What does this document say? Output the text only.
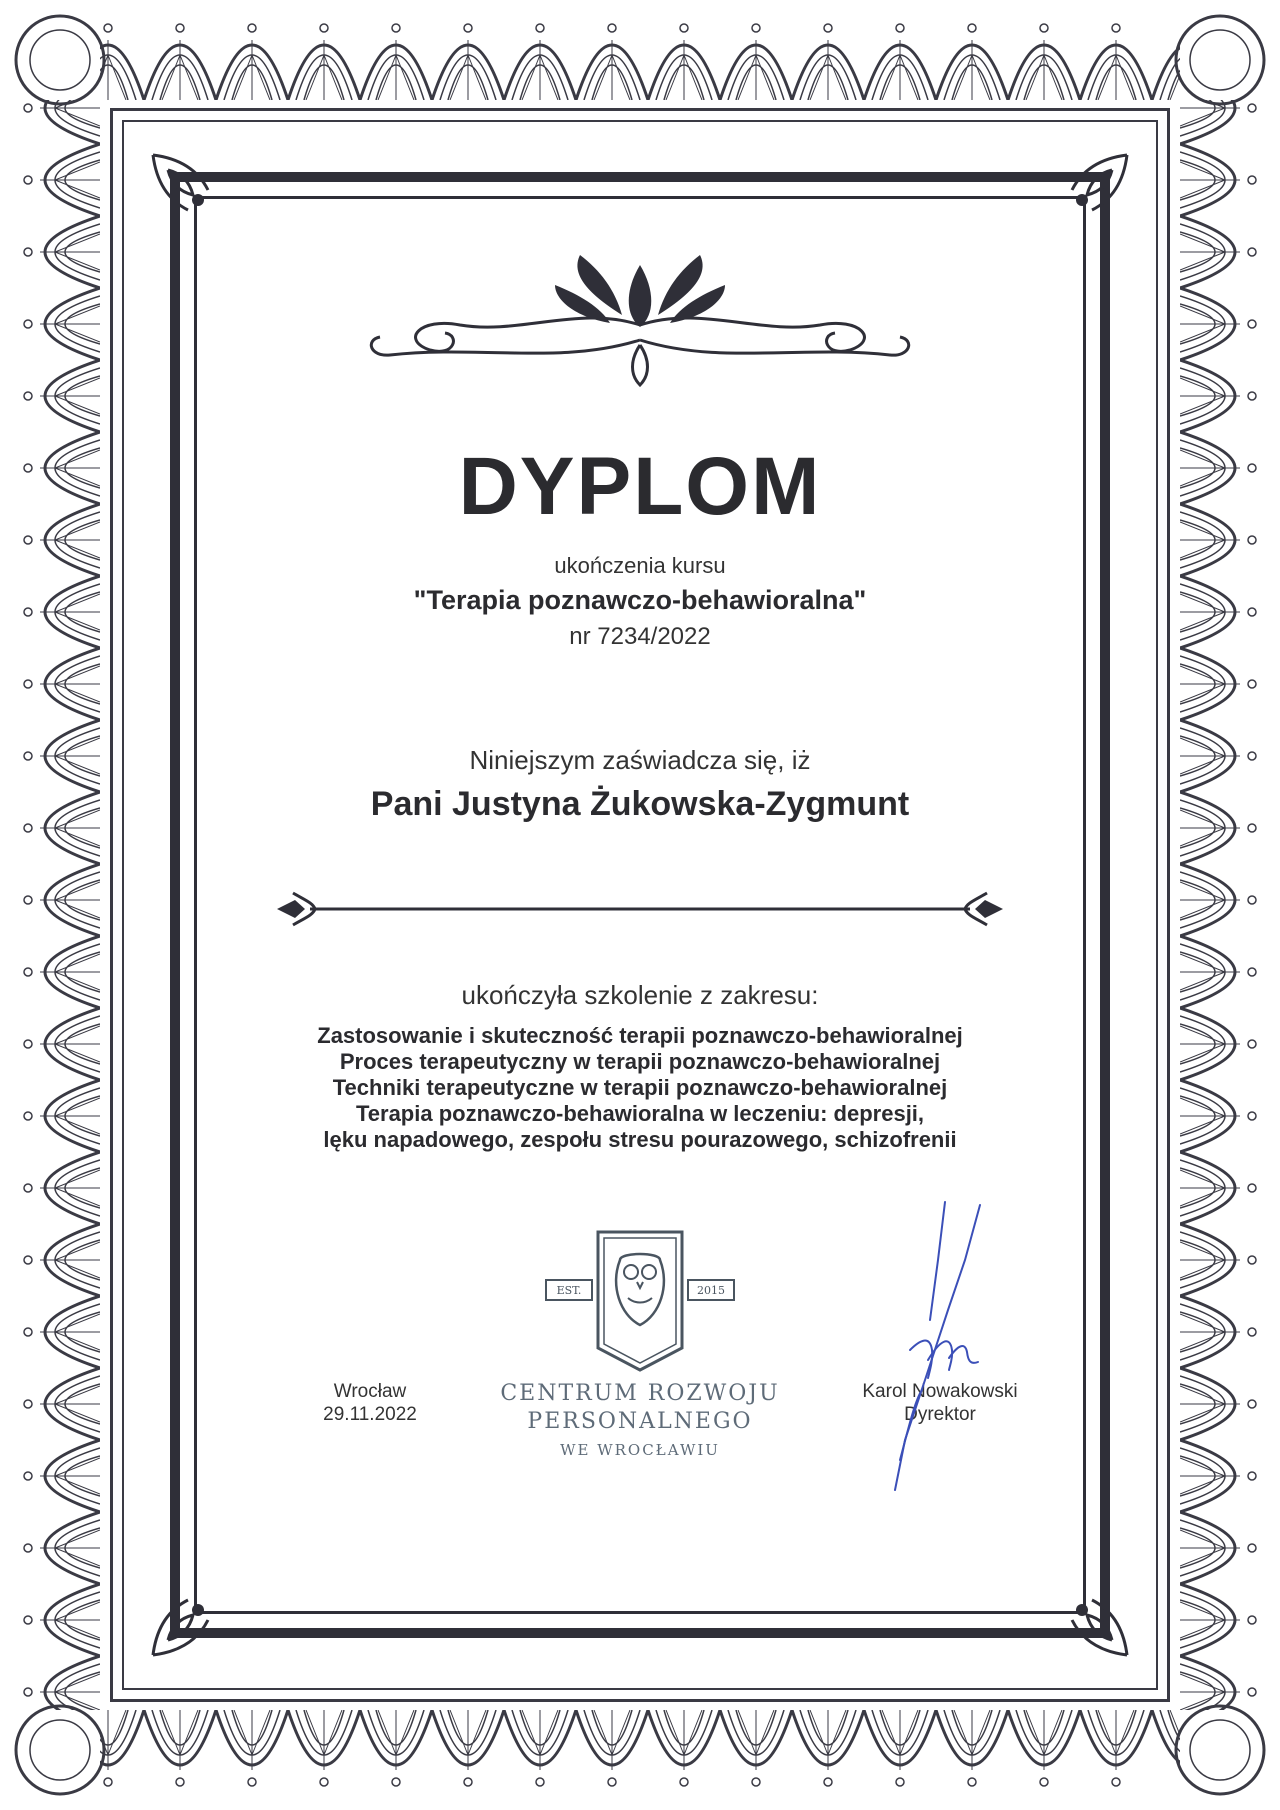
DYPLOM
ukończenia kursu
"Terapia poznawczo-behawioralna"
nr 7234/2022
Niniejszym zaświadcza się, iż
Pani Justyna Żukowska-Zygmunt
ukończyła szkolenie z zakresu:
Zastosowanie i skuteczność terapii poznawczo-behawioralnej
Proces terapeutyczny w terapii poznawczo-behawioralnej
Techniki terapeutyczne w terapii poznawczo-behawioralnej
Terapia poznawczo-behawioralna w leczeniu: depresji,
lęku napadowego, zespołu stresu pourazowego, schizofrenii
EST.	2015
CENTRUM ROZWOJU
PERSONALNEGO
WE WROCŁAWIU
Wrocław
29.11.2022
Karol Nowakowski
Dyrektor
